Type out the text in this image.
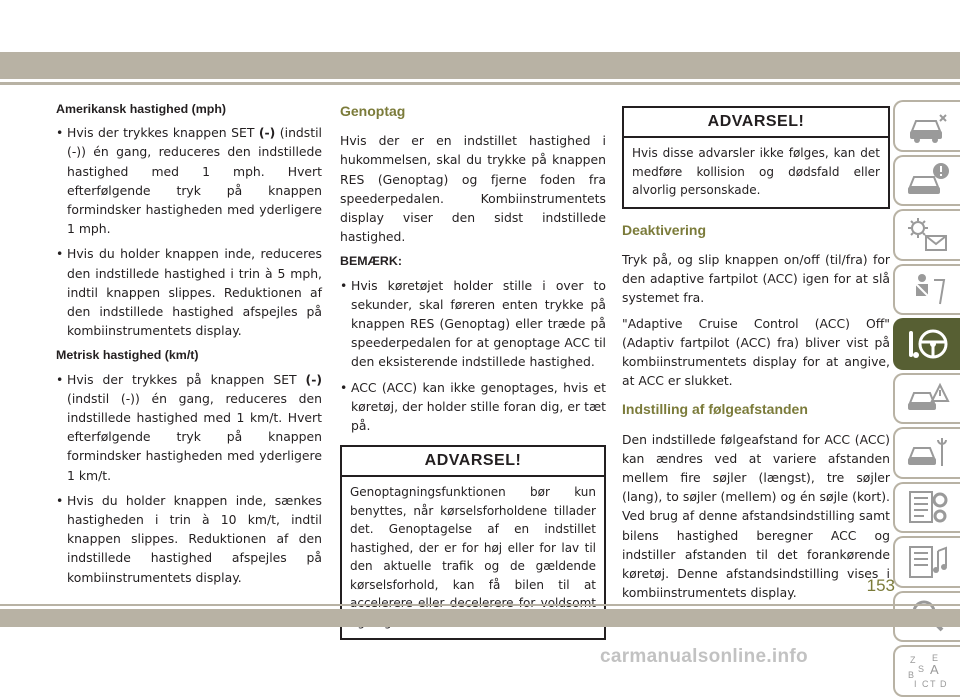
Amerikansk hastighed (mph)
• Hvis der trykkes knappen SET (-) (indstil (-)) én gang, reduceres den indstillede hastighed med 1 mph. Hvert efterfølgende tryk på knappen formindsker hastigheden med yderligere 1 mph.
• Hvis du holder knappen inde, reduceres den indstillede hastighed i trin à 5 mph, indtil knappen slippes. Reduktionen af den indstillede hastighed afspejles på kombiinstrumentets display.
Metrisk hastighed (km/t)
• Hvis der trykkes på knappen SET (-) (indstil (-)) én gang, reduceres den indstillede hastighed med 1 km/t. Hvert efterfølgende tryk på knappen formindsker hastigheden med yderligere 1 km/t.
• Hvis du holder knappen inde, sænkes hastigheden i trin à 10 km/t, indtil knappen slippes. Reduktionen af den indstillede hastighed afspejles på kombiinstrumentets display.
Genoptag

Hvis der er en indstillet hastighed i hukommelsen, skal du trykke på knappen RES (Genoptag) og fjerne foden fra speederpedalen. Kombiinstrumentets display viser den sidst indstillede hastighed.

BEMÆRK:
• Hvis køretøjet holder stille i over to sekunder, skal føreren enten trykke på knappen RES (Genoptag) eller træde på speederpedalen for at genoptage ACC til den eksisterende indstillede hastighed.
• ACC (ACC) kan ikke genoptages, hvis et køretøj, der holder stille foran dig, er tæt på.
ADVARSEL!
Genoptagningsfunktionen bør kun benyttes, når kørselsforholdene tillader det. Genoptagelse af en indstillet hastighed, der er for høj eller for lav til den aktuelle trafik og de gældende kørselsforhold, kan få bilen til at
ADVARSEL!
Hvis disse advarsler ikke følges, kan det medføre kollision og dødsfald eller alvorlig personskade.
Deaktivering

Tryk på, og slip knappen on/off (til/fra) for den adaptive fartpilot (ACC) igen for at slå systemet fra.

"Adaptive Cruise Control (ACC) Off" (Adaptiv fartpilot (ACC) fra) bliver vist på kombiinstrumentets display for at angive, at ACC er slukket.

Indstilling af følgeafstanden

Den indstillede følgeafstand for ACC (ACC) kan ændres ved at variere afstanden mellem fire søjler (længst), tre søjler (lang), to søjler (mellem) og én søjle (kort). Ved brug af denne afstandsindstilling samt bilens hastighed beregner ACC og indstiller afstanden til det forankørende køretøj. Denne afstandsindstilling vises i kombiinstrumentets display.

Z E
S A
B
I C T D
153
carmanualsonline.info
